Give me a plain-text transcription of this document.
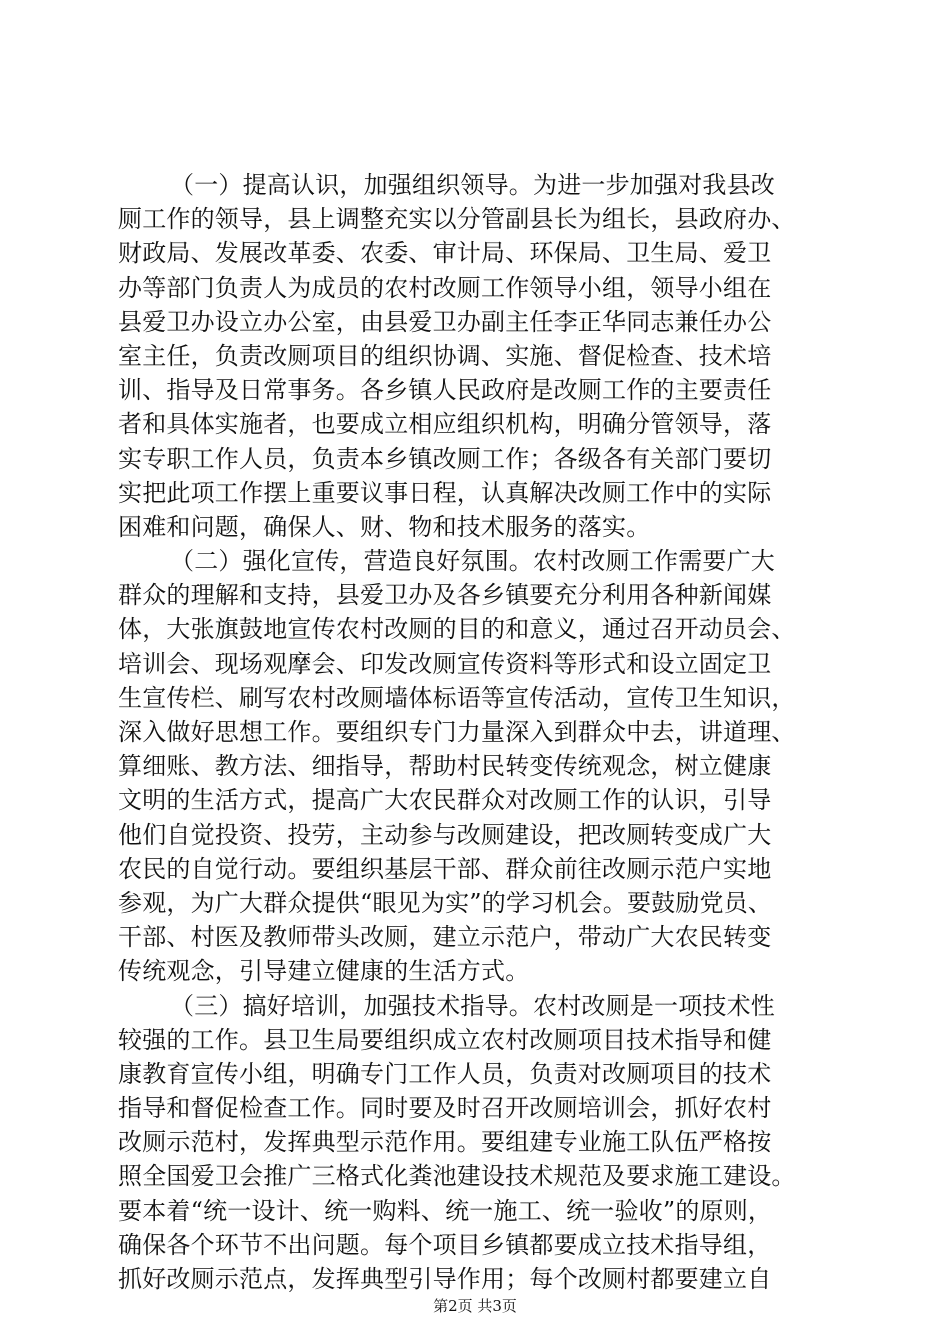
（一）提高认识，加强组织领导。为进一步加强对我县改
厕工作的领导，县上调整充实以分管副县长为组长，县政府办、
财政局、发展改革委、农委、审计局、环保局、卫生局、爱卫
办等部门负责人为成员的农村改厕工作领导小组，领导小组在
县爱卫办设立办公室，由县爱卫办副主任李正华同志兼任办公
室主任，负责改厕项目的组织协调、实施、督促检查、技术培
训、指导及日常事务。各乡镇人民政府是改厕工作的主要责任
者和具体实施者，也要成立相应组织机构，明确分管领导，落
实专职工作人员，负责本乡镇改厕工作；各级各有关部门要切
实把此项工作摆上重要议事日程，认真解决改厕工作中的实际
困难和问题，确保人、财、物和技术服务的落实。
（二）强化宣传，营造良好氛围。农村改厕工作需要广大
群众的理解和支持，县爱卫办及各乡镇要充分利用各种新闻媒
体，大张旗鼓地宣传农村改厕的目的和意义，通过召开动员会、
培训会、现场观摩会、印发改厕宣传资料等形式和设立固定卫
生宣传栏、刷写农村改厕墙体标语等宣传活动，宣传卫生知识，
深入做好思想工作。要组织专门力量深入到群众中去，讲道理、
算细账、教方法、细指导，帮助村民转变传统观念，树立健康
文明的生活方式，提高广大农民群众对改厕工作的认识，引导
他们自觉投资、投劳，主动参与改厕建设，把改厕转变成广大
农民的自觉行动。要组织基层干部、群众前往改厕示范户实地
参观，为广大群众提供“眼见为实”的学习机会。要鼓励党员、
干部、村医及教师带头改厕，建立示范户，带动广大农民转变
传统观念，引导建立健康的生活方式。
（三）搞好培训，加强技术指导。农村改厕是一项技术性
较强的工作。县卫生局要组织成立农村改厕项目技术指导和健
康教育宣传小组，明确专门工作人员，负责对改厕项目的技术
指导和督促检查工作。同时要及时召开改厕培训会，抓好农村
改厕示范村，发挥典型示范作用。要组建专业施工队伍严格按
照全国爱卫会推广三格式化粪池建设技术规范及要求施工建设。
要本着“统一设计、统一购料、统一施工、统一验收”的原则，
确保各个环节不出问题。每个项目乡镇都要成立技术指导组，
抓好改厕示范点，发挥典型引导作用；每个改厕村都要建立自
第2页 共3页
